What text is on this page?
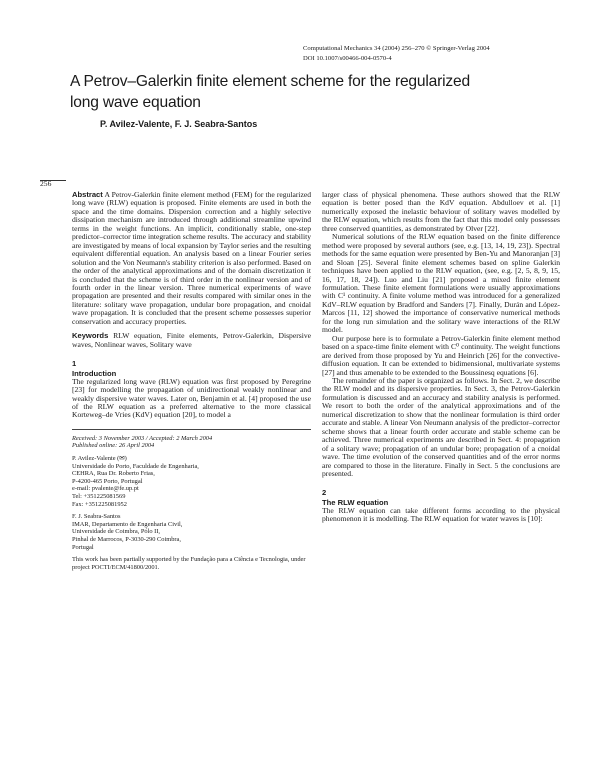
Computational Mechanics 34 (2004) 256–270 © Springer-Verlag 2004
DOI 10.1007/s00466-004-0570-4
A Petrov–Galerkin finite element scheme for the regularized
long wave equation
P. Avilez-Valente, F. J. Seabra-Santos
256

Abstract A Petrov-Galerkin finite element method (FEM) for the regularized long wave (RLW) equation is proposed. Finite elements are used in both the space and the time domains. Dispersion correction and a highly selective dissipation mechanism are introduced through additional streamline upwind terms in the weight functions. An implicit, conditionally stable, one-step predictor–corrector time integration scheme results. The accuracy and stability are investigated by means of local expansion by Taylor series and the resulting equivalent differential equation. An analysis based on a linear Fourier series solution and the Von Neumann's stability criterion is also performed. Based on the order of the analytical approximations and of the domain discretization it is concluded that the scheme is of third order in the nonlinear version and of fourth order in the linear version. Three numerical experiments of wave propagation are presented and their results compared with similar ones in the literature: solitary wave propagation, undular bore propagation, and cnoidal wave propagation. It is concluded that the present scheme possesses superior conservation and accuracy properties.

Keywords RLW equation, Finite elements, Petrov-Galerkin, Dispersive waves, Nonlinear waves, Solitary wave

1
Introduction

The regularized long wave (RLW) equation was first proposed by Peregrine [23] for modelling the propagation of unidirectional weakly nonlinear and weakly dispersive water waves. Later on, Benjamin et al. [4] proposed the use of the RLW equation as a preferred alternative to the more classical Korteweg–de Vries (KdV) equation [20], to model a

Received: 3 November 2003 / Accepted: 2 March 2004

Published online: 26 April 2004

P. Avilez-Valente (✉)

Universidade do Porto, Faculdade de Engenharia,

CEHRA, Rua Dr. Roberto Frias,

P-4200-465 Porto, Portugal

e-mail: pvalente@fe.up.pt

Tel: +351225081569

Fax: +351225081952

F. J. Seabra-Santos

IMAR, Departamento de Engenharia Civil,

Universidade de Coimbra, Pólo II,

Pinhal de Marrocos, P-3030-290 Coimbra,

Portugal

This work has been partially supported by the Fundação para a Ciência e Tecnologia, under project POCTI/ECM/41800/2001.

larger class of physical phenomena. These authors showed that the RLW equation is better posed than the KdV equation. Abdulloev et al. [1] numerically exposed the inelastic behaviour of solitary waves modelled by the RLW equation, which results from the fact that this model only possesses three conserved quantities, as demonstrated by Olver [22].

Numerical solutions of the RLW equation based on the finite difference method were proposed by several authors (see, e.g. [13, 14, 19, 23]). Spectral methods for the same equation were presented by Ben-Yu and Manoranjan [3] and Sloan [25]. Several finite element schemes based on spline Galerkin techniques have been applied to the RLW equation, (see, e.g. [2, 5, 8, 9, 15, 16, 17, 18, 24]). Luo and Liu [21] proposed a mixed finite element formulation. These finite element formulations were usually approximations with C¹ continuity. A finite volume method was introduced for a generalized KdV–RLW equation by Bradford and Sanders [7]. Finally, Durán and López-Marcos [11, 12] showed the importance of conservative numerical methods for the long run simulation and the solitary wave interactions of the RLW model.

Our purpose here is to formulate a Petrov-Galerkin finite element method based on a space-time finite element with C⁰ continuity. The weight functions are derived from those proposed by Yu and Heinrich [26] for the convective-diffusion equation. It can be extended to bidimensional, multivariate systems [27] and thus amenable to be extended to the Boussinesq equations [6].

The remainder of the paper is organized as follows. In Sect. 2, we describe the RLW model and its dispersive properties. In Sect. 3, the Petrov-Galerkin formulation is discussed and an accuracy and stability analysis is performed. We resort to both the order of the analytical approximations and of the numerical discretization to show that the nonlinear formulation is third order accurate and stable. A linear Von Neumann analysis of the predictor–corrector scheme shows that a linear fourth order accurate and stable scheme can be achieved. Three numerical experiments are described in Sect. 4: propagation of a solitary wave; propagation of an undular bore; propagation of a cnoidal wave. The time evolution of the conserved quantities and of the error norms are compared to those in the literature. Finally in Sect. 5 the conclusions are presented.

2
The RLW equation

The RLW equation can take different forms according to the physical phenomenon it is modelling. The RLW equation for water waves is [10]:
